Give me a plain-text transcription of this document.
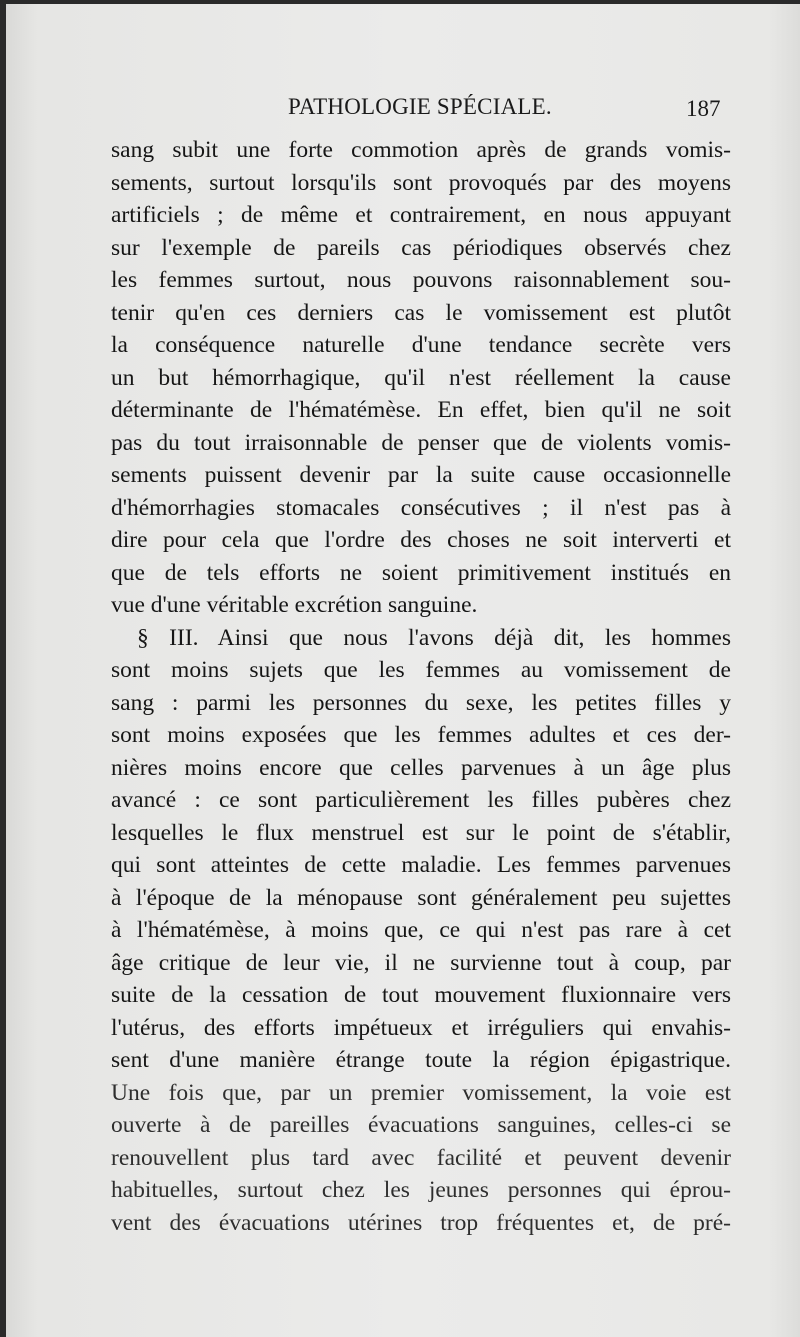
PATHOLOGIE SPÉCIALE.	187
sang subit une forte commotion après de grands vomis-
sements, surtout lorsqu'ils sont provoqués par des moyens
artificiels ; de même et contrairement, en nous appuyant
sur l'exemple de pareils cas périodiques observés chez
les femmes surtout, nous pouvons raisonnablement sou-
tenir qu'en ces derniers cas le vomissement est plutôt
la conséquence naturelle d'une tendance secrète vers
un but hémorrhagique, qu'il n'est réellement la cause
déterminante de l'hématémèse. En effet, bien qu'il ne soit
pas du tout irraisonnable de penser que de violents vomis-
sements puissent devenir par la suite cause occasionnelle
d'hémorrhagies stomacales consécutives ; il n'est pas à
dire pour cela que l'ordre des choses ne soit interverti et
que de tels efforts ne soient primitivement institués en
vue d'une véritable excrétion sanguine.
§ III. Ainsi que nous l'avons déjà dit, les hommes
sont moins sujets que les femmes au vomissement de
sang : parmi les personnes du sexe, les petites filles y
sont moins exposées que les femmes adultes et ces der-
nières moins encore que celles parvenues à un âge plus
avancé : ce sont particulièrement les filles pubères chez
lesquelles le flux menstruel est sur le point de s'établir,
qui sont atteintes de cette maladie. Les femmes parvenues
à l'époque de la ménopause sont généralement peu sujettes
à l'hématémèse, à moins que, ce qui n'est pas rare à cet
âge critique de leur vie, il ne survienne tout à coup, par
suite de la cessation de tout mouvement fluxionnaire vers
l'utérus, des efforts impétueux et irréguliers qui envahis-
sent d'une manière étrange toute la région épigastrique.
Une fois que, par un premier vomissement, la voie est
ouverte à de pareilles évacuations sanguines, celles-ci se
renouvellent plus tard avec facilité et peuvent devenir
habituelles, surtout chez les jeunes personnes qui éprou-
vent des évacuations utérines trop fréquentes et, de pré-
